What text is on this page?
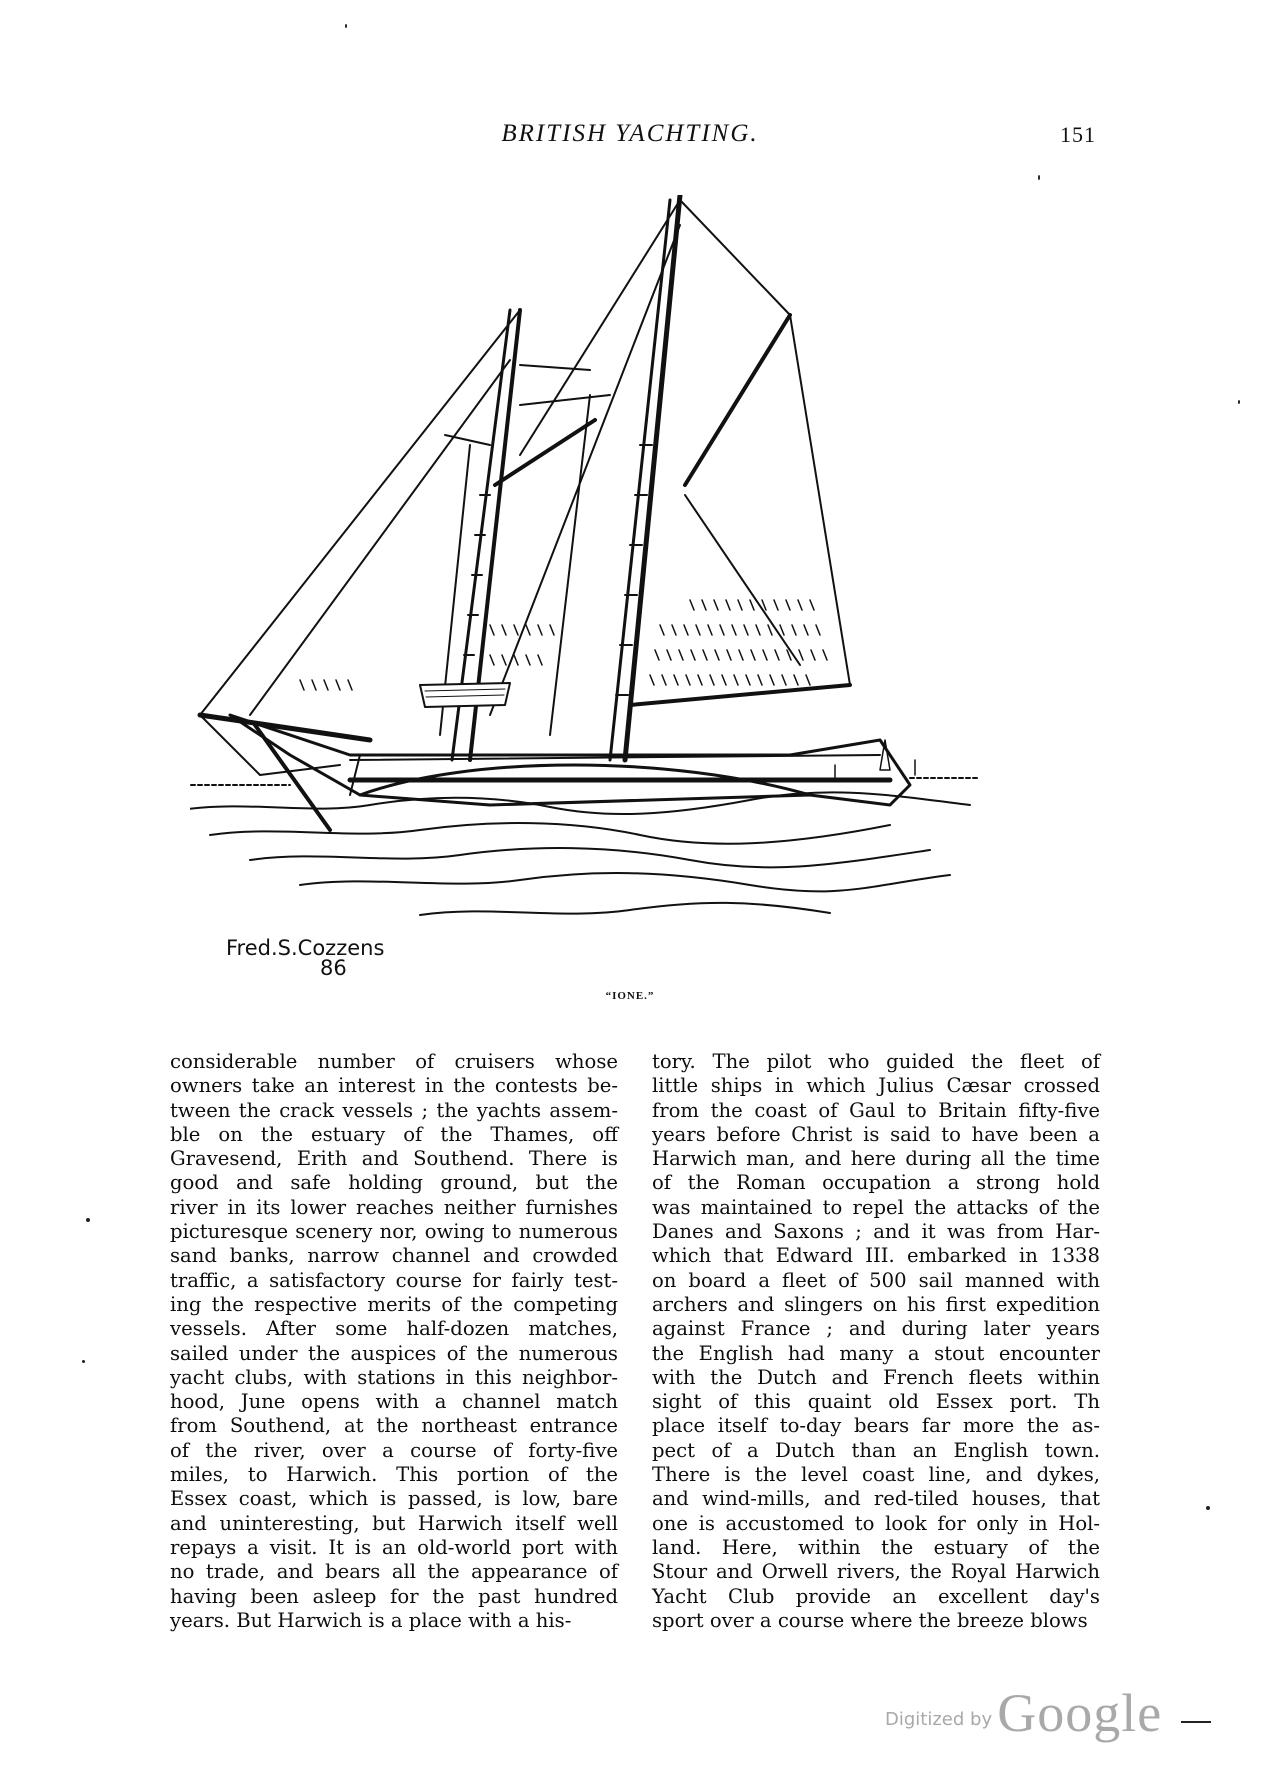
BRITISH YACHTING.	151
Fred.S.Cozzens
86
“IONE.”
considerable number of cruisers whose
owners take an interest in the contests be-
tween the crack vessels ; the yachts assem-
ble on the estuary of the Thames, off
Gravesend, Erith and Southend. There is
good and safe holding ground, but the
river in its lower reaches neither furnishes
picturesque scenery nor, owing to numerous
sand banks, narrow channel and crowded
traffic, a satisfactory course for fairly test-
ing the respective merits of the competing
vessels. After some half-dozen matches,
sailed under the auspices of the numerous
yacht clubs, with stations in this neighbor-
hood, June opens with a channel match
from Southend, at the northeast entrance
of the river, over a course of forty-five
miles, to Harwich. This portion of the
Essex coast, which is passed, is low, bare
and uninteresting, but Harwich itself well
repays a visit. It is an old-world port with
no trade, and bears all the appearance of
having been asleep for the past hundred
years. But Harwich is a place with a his-
tory. The pilot who guided the fleet of
little ships in which Julius Cæsar crossed
from the coast of Gaul to Britain fifty-five
years before Christ is said to have been a
Harwich man, and here during all the time
of the Roman occupation a strong hold
was maintained to repel the attacks of the
Danes and Saxons ; and it was from Har-
which that Edward III. embarked in 1338
on board a fleet of 500 sail manned with
archers and slingers on his first expedition
against France ; and during later years
the English had many a stout encounter
with the Dutch and French fleets within
sight of this quaint old Essex port. Th
place itself to-day bears far more the as-
pect of a Dutch than an English town.
There is the level coast line, and dykes,
and wind-mills, and red-tiled houses, that
one is accustomed to look for only in Hol-
land. Here, within the estuary of the
Stour and Orwell rivers, the Royal Harwich
Yacht Club provide an excellent day's
sport over a course where the breeze blows
Digitized by Google
